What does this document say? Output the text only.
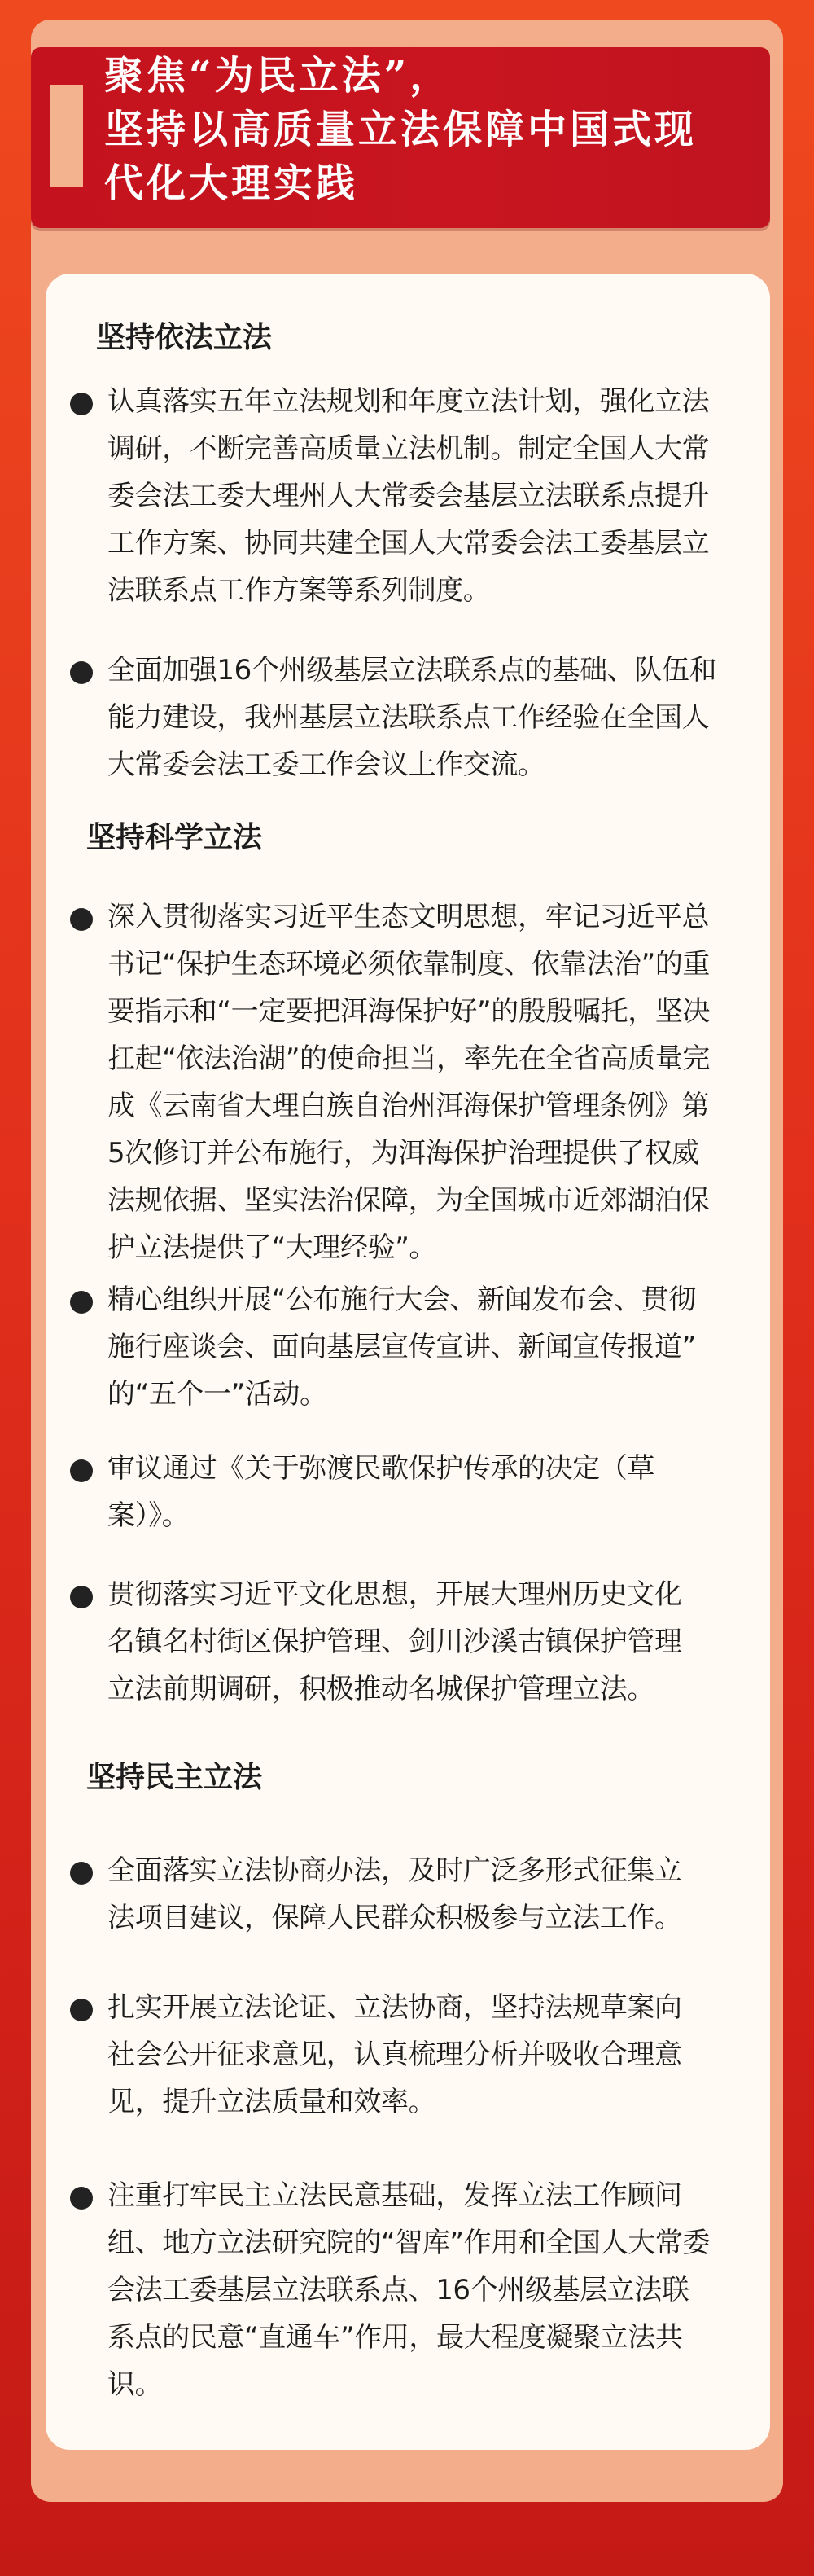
聚焦“为民立法”，
坚持以高质量立法保障中国式现
代化大理实践
坚持依法立法

认真落实五年立法规划和年度立法计划，强化立法
调研，不断完善高质量立法机制。制定全国人大常
委会法工委大理州人大常委会基层立法联系点提升
工作方案、协同共建全国人大常委会法工委基层立
法联系点工作方案等系列制度。

全面加强16个州级基层立法联系点的基础、队伍和
能力建设，我州基层立法联系点工作经验在全国人
大常委会法工委工作会议上作交流。

坚持科学立法

深入贯彻落实习近平生态文明思想，牢记习近平总
书记“保护生态环境必须依靠制度、依靠法治”的重
要指示和“一定要把洱海保护好”的殷殷嘱托，坚决
扛起“依法治湖”的使命担当，率先在全省高质量完
成《云南省大理白族自治州洱海保护管理条例》第
5次修订并公布施行，为洱海保护治理提供了权威
法规依据、坚实法治保障，为全国城市近郊湖泊保
护立法提供了“大理经验”。

精心组织开展“公布施行大会、新闻发布会、贯彻
施行座谈会、面向基层宣传宣讲、新闻宣传报道”
的“五个一”活动。

审议通过《关于弥渡民歌保护传承的决定（草
案）》。

贯彻落实习近平文化思想，开展大理州历史文化
名镇名村街区保护管理、剑川沙溪古镇保护管理
立法前期调研，积极推动名城保护管理立法。

坚持民主立法

全面落实立法协商办法，及时广泛多形式征集立
法项目建议，保障人民群众积极参与立法工作。

扎实开展立法论证、立法协商，坚持法规草案向
社会公开征求意见，认真梳理分析并吸收合理意
见，提升立法质量和效率。

注重打牢民主立法民意基础，发挥立法工作顾问
组、地方立法研究院的“智库”作用和全国人大常委
会法工委基层立法联系点、16个州级基层立法联
系点的民意“直通车”作用，最大程度凝聚立法共
识。
